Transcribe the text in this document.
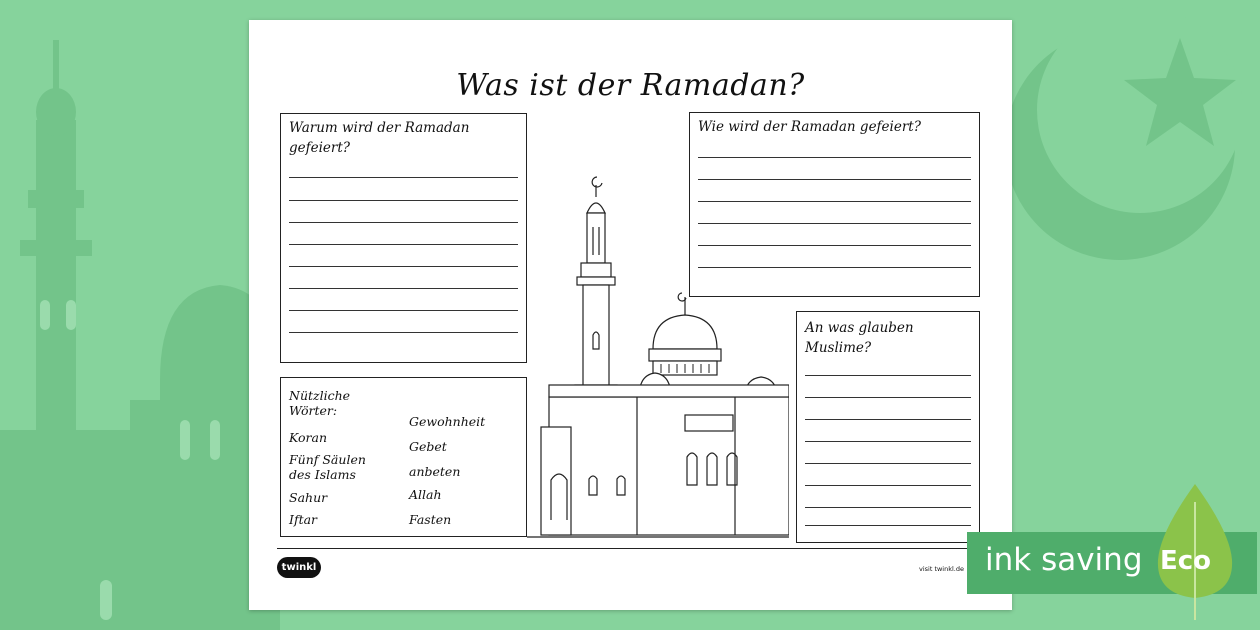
Was ist der Ramadan?
Warum wird der Ramadan gefeiert?
Wie wird der Ramadan gefeiert?
An was glauben Muslime?
Nützliche Wörter:
Koran
Fünf Säulen des Islams
Sahur
Iftar
Gewohnheit
Gebet
anbeten
Allah
Fasten
twinkl	visit twinkl.de ink saving Eco
